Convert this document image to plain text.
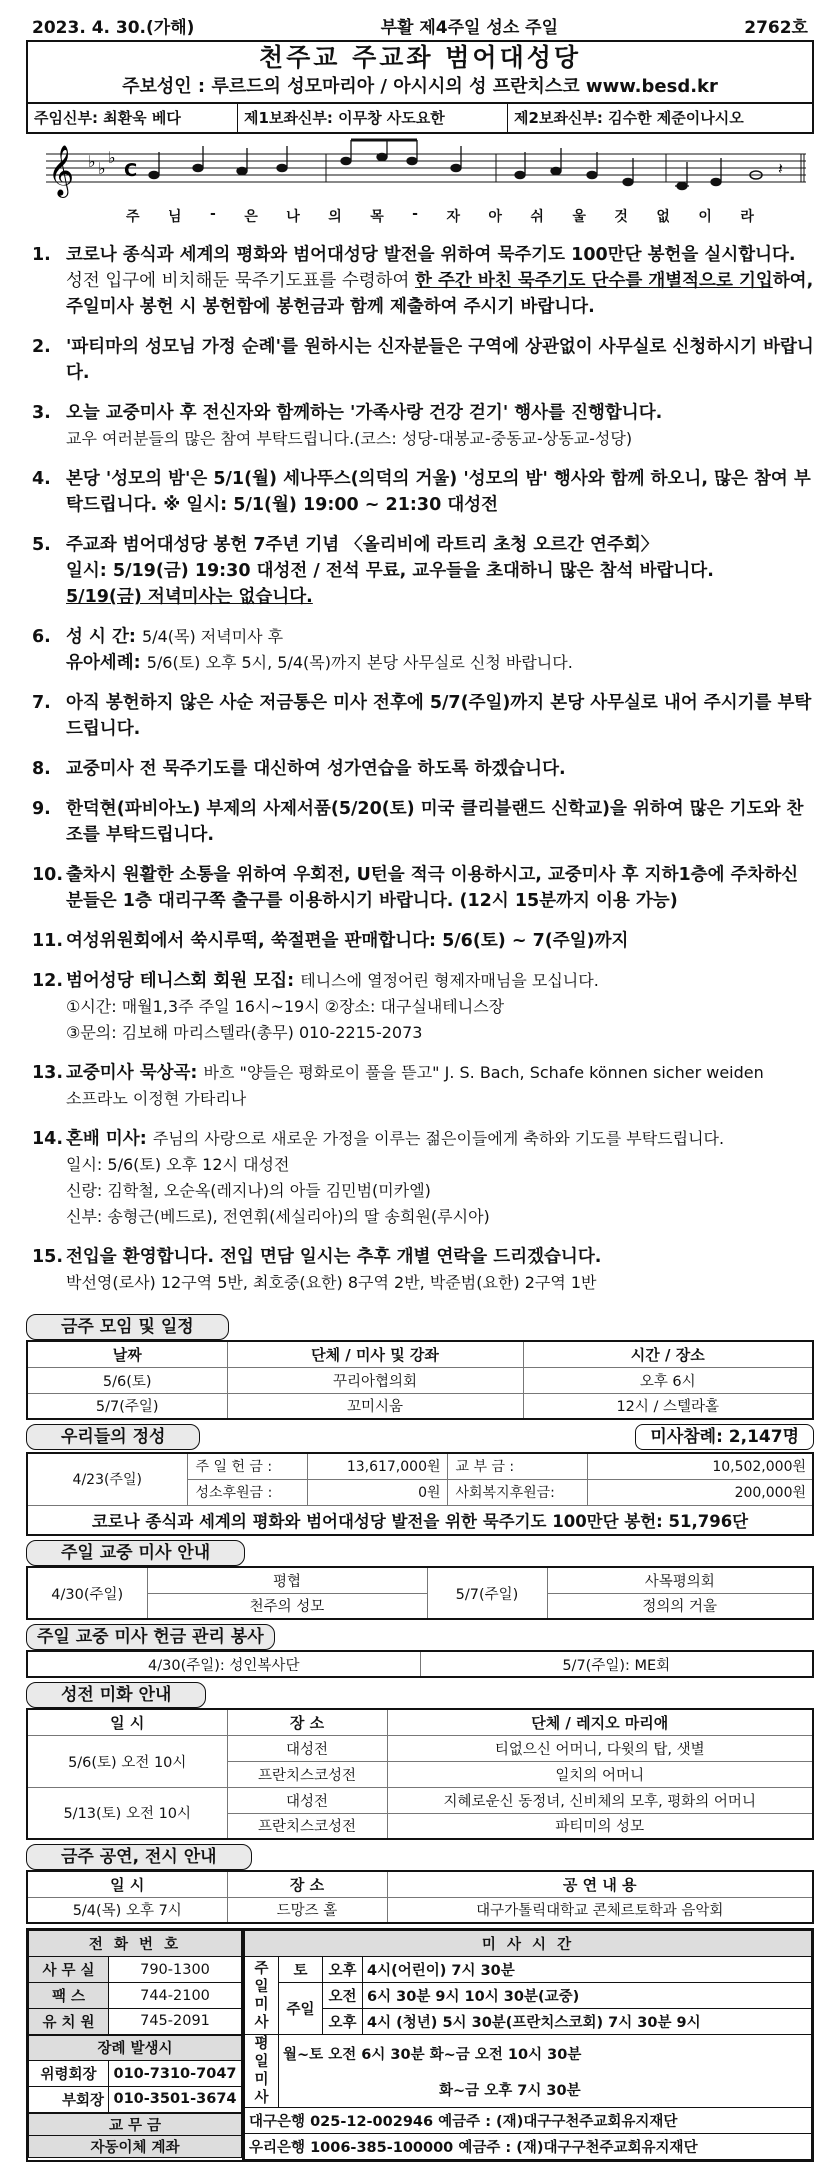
2023. 4. 30.(가해)	부활 제4주일 성소 주일	2762호
천주교 주교좌 범어대성당
주보성인 : 루르드의 성모마리아 / 아시시의 성 프란치스코 www.besd.kr
주임신부: 최환욱 베다	제1보좌신부: 이무창 사도요한	제2보좌신부: 김수한 제준이나시오
𝄞 ♭ ♭
♭
C	𝄽
주 님 - 은 나 의 목 - 자 아 쉬 울 것 없 이 라
1. 코로나 종식과 세계의 평화와 범어대성당 발전을 위하여 묵주기도 100만단 봉헌을 실시합니다. 성전 입구에 비치해둔 묵주기도표를 수령하여 한 주간 바친 묵주기도 단수를 개별적으로 기입하여, 주일미사 봉헌 시 봉헌함에 봉헌금과 함께 제출하여 주시기 바랍니다.
2. '파티마의 성모님 가정 순례'를 원하시는 신자분들은 구역에 상관없이 사무실로 신청하시기 바랍니다.
3. 오늘 교중미사 후 전신자와 함께하는 '가족사랑 건강 걷기' 행사를 진행합니다.
교우 여러분들의 많은 참여 부탁드립니다.(코스: 성당-대봉교-중동교-상동교-성당)
4. 본당 '성모의 밤'은 5/1(월) 세나뚜스(의덕의 거울) '성모의 밤' 행사와 함께 하오니, 많은 참여 부탁드립니다. ※ 일시: 5/1(월) 19:00 ~ 21:30 대성전
5. 주교좌 범어대성당 봉헌 7주년 기념 〈올리비에 라트리 초청 오르간 연주회〉
일시: 5/19(금) 19:30 대성전 / 전석 무료, 교우들을 초대하니 많은 참석 바랍니다.
5/19(금) 저녁미사는 없습니다.
6. 성 시 간: 5/4(목) 저녁미사 후
유아세례: 5/6(토) 오후 5시, 5/4(목)까지 본당 사무실로 신청 바랍니다.
7. 아직 봉헌하지 않은 사순 저금통은 미사 전후에 5/7(주일)까지 본당 사무실로 내어 주시기를 부탁드립니다.
8. 교중미사 전 묵주기도를 대신하여 성가연습을 하도록 하겠습니다.
9. 한덕현(파비아노) 부제의 사제서품(5/20(토) 미국 클리블랜드 신학교)을 위하여 많은 기도와 찬조를 부탁드립니다.
10. 출차시 원활한 소통을 위하여 우회전, U턴을 적극 이용하시고, 교중미사 후 지하1층에 주차하신 분들은 1층 대리구쪽 출구를 이용하시기 바랍니다. (12시 15분까지 이용 가능)
11. 여성위원회에서 쑥시루떡, 쑥절편을 판매합니다: 5/6(토) ~ 7(주일)까지
12. 범어성당 테니스회 회원 모집: 테니스에 열정어린 형제자매님을 모십니다.
①시간: 매월1,3주 주일 16시~19시 ②장소: 대구실내테니스장
③문의: 김보해 마리스텔라(총무) 010-2215-2073
13. 교중미사 묵상곡: 바흐 "양들은 평화로이 풀을 뜯고" J. S. Bach, Schafe können sicher weiden
소프라노 이정현 가타리나
14. 혼배 미사: 주님의 사랑으로 새로운 가정을 이루는 젊은이들에게 축하와 기도를 부탁드립니다.
일시: 5/6(토) 오후 12시 대성전
신랑: 김학철, 오순옥(레지나)의 아들 김민범(미카엘)
신부: 송형근(베드로), 전연휘(세실리아)의 딸 송희원(루시아)
15. 전입을 환영합니다. 전입 면담 일시는 추후 개별 연락을 드리겠습니다.
박선영(로사) 12구역 5반, 최호중(요한) 8구역 2반, 박준범(요한) 2구역 1반
금주 모임 및 일정
날짜	단체 / 미사 및 강좌	시간 / 장소
5/6(토)	꾸리아협의회	오후 6시
5/7(주일)	꼬미시움	12시 / 스텔라홀
우리들의 정성	미사참례: 2,147명
4/23(주일)	주 일 헌 금 :	13,617,000원	교 부 금 :	10,502,000원
	성소후원금 :	0원	사회복지후원금:	200,000원
코로나 종식과 세계의 평화와 범어대성당 발전을 위한 묵주기도 100만단 봉헌: 51,796단				
주일 교중 미사 안내
4/30(주일)	평협	5/7(주일)	사목평의회
	천주의 성모		정의의 거울
주일 교중 미사 헌금 관리 봉사
4/30(주일): 성인복사단	5/7(주일): ME회
성전 미화 안내
일 시	장 소	단체 / 레지오 마리애
5/6(토) 오전 10시	대성전	티없으신 어머니, 다윗의 탑, 샛별
	프란치스코성전	일치의 어머니
5/13(토) 오전 10시	대성전	지혜로운신 동정녀, 신비체의 모후, 평화의 어머니
	프란치스코성전	파티미의 성모
금주 공연, 전시 안내
일 시	장 소	공 연 내 용
5/4(목) 오후 7시	드망즈 홀	대구가톨릭대학교 콘체르토학과 음악회
전 화 번 호	
사 무 실	790-1300
팩 스	744-2100
유 치 원	745-2091
장례 발생시	
위령회장	010-7310-7047
부회장	010-3501-3674
교 무 금	
자동이체 계좌	
미 사 시 간			
주일 미사	토	오후	4시(어린이) 7시 30분
	주일	오전	6시 30분 9시 10시 30분(교중)
		오후	4시 (청년) 5시 30분(프란치스코회) 7시 30분 9시
평일 미사	월~토 오전 6시 30분 화~금 오전 10시 30분		
	화~금 오후 7시 30분		
대구은행 025-12-002946 예금주 : (재)대구구천주교회유지재단			
우리은행 1006-385-100000 예금주 : (재)대구구천주교회유지재단			
